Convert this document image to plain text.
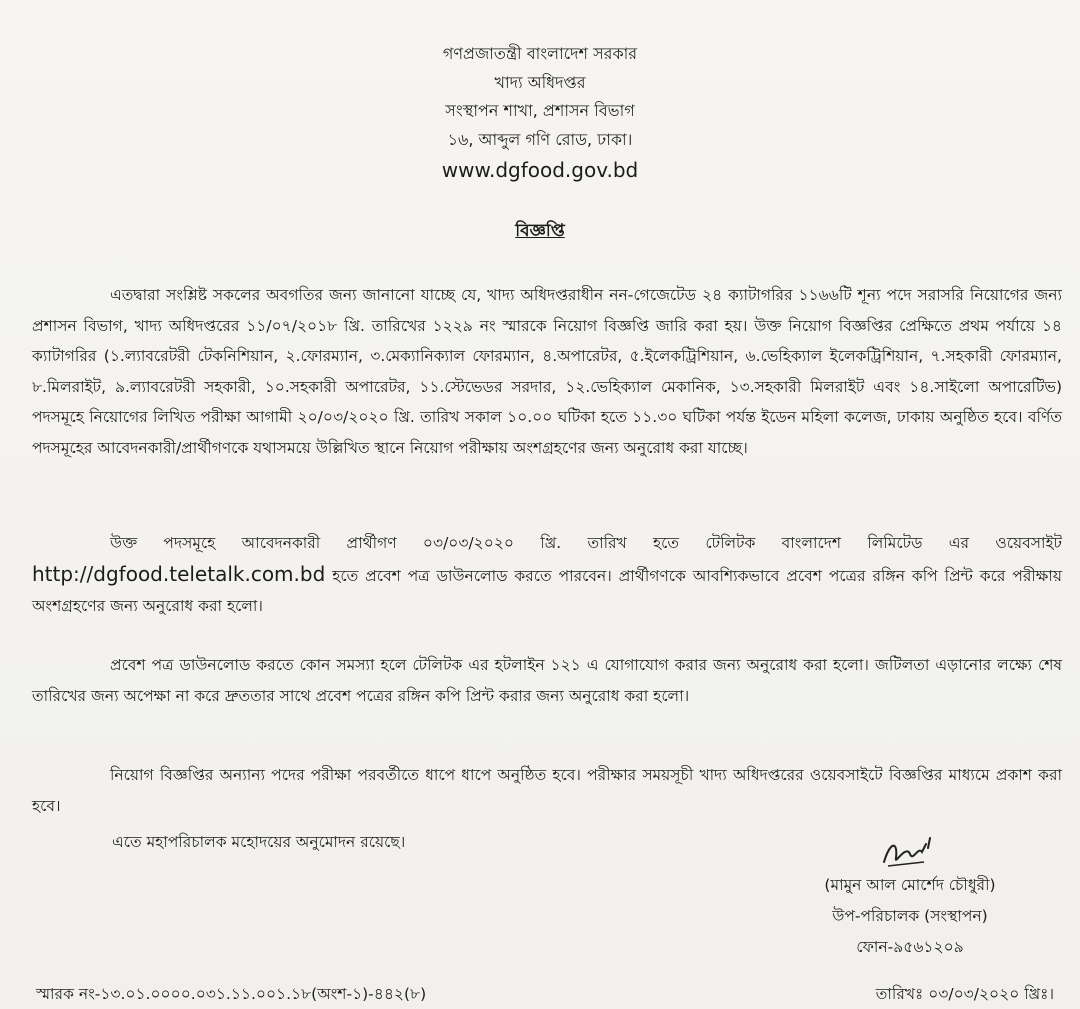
গণপ্রজাতন্ত্রী বাংলাদেশ সরকার
খাদ্য অধিদপ্তর
সংস্থাপন শাখা, প্রশাসন বিভাগ
১৬, আব্দুল গণি রোড, ঢাকা।
www.dgfood.gov.bd
বিজ্ঞপ্তি
এতদ্বারা সংশ্লিষ্ট সকলের অবগতির জন্য জানানো যাচ্ছে যে, খাদ্য অধিদপ্তরাধীন নন-গেজেটেড ২৪ ক্যাটাগরির ১১৬৬টি শূন্য পদে সরাসরি নিয়োগের জন্য প্রশাসন বিভাগ, খাদ্য অধিদপ্তরের ১১/০৭/২০১৮ খ্রি. তারিখের ১২২৯ নং স্মারকে নিয়োগ বিজ্ঞপ্তি জারি করা হয়। উক্ত নিয়োগ বিজ্ঞপ্তির প্রেক্ষিতে প্রথম পর্যায়ে ১৪ ক্যাটাগরির (১.ল্যাবরেটরী টেকনিশিয়ান, ২.ফোরম্যান, ৩.মেক্যানিক্যাল ফোরম্যান, ৪.অপারেটর, ৫.ইলেকট্রিশিয়ান, ৬.ভেহিক্যাল ইলেকট্রিশিয়ান, ৭.সহকারী ফোরম্যান, ৮.মিলরাইট, ৯.ল্যাবরেটরী সহকারী, ১০.সহকারী অপারেটর, ১১.স্টেভেডর সরদার, ১২.ভেহিক্যাল মেকানিক, ১৩.সহকারী মিলরাইট এবং ১৪.সাইলো অপারেটিভ) পদসমূহে নিয়োগের লিখিত পরীক্ষা আগামী ২০/০৩/২০২০ খ্রি. তারিখ সকাল ১০.০০ ঘটিকা হতে ১১.৩০ ঘটিকা পর্যন্ত ইডেন মহিলা কলেজ, ঢাকায় অনুষ্ঠিত হবে। বর্ণিত পদসমূহের আবেদনকারী/প্রার্থীগণকে যথাসময়ে উল্লিখিত স্থানে নিয়োগ পরীক্ষায় অংশগ্রহণের জন্য অনুরোধ করা যাচ্ছে।
উক্ত পদসমূহে আবেদনকারী প্রার্থীগণ ০৩/০৩/২০২০ খ্রি. তারিখ হতে টেলিটক বাংলাদেশ লিমিটেড এর ওয়েবসাইট http://dgfood.teletalk.com.bd হতে প্রবেশ পত্র ডাউনলোড করতে পারবেন। প্রার্থীগণকে আবশ্যিকভাবে প্রবেশ পত্রের রঙ্গিন কপি প্রিন্ট করে পরীক্ষায় অংশগ্রহণের জন্য অনুরোধ করা হলো।
প্রবেশ পত্র ডাউনলোড করতে কোন সমস্যা হলে টেলিটক এর হটলাইন ১২১ এ যোগাযোগ করার জন্য অনুরোধ করা হলো। জটিলতা এড়ানোর লক্ষ্যে শেষ তারিখের জন্য অপেক্ষা না করে দ্রুততার সাথে প্রবেশ পত্রের রঙ্গিন কপি প্রিন্ট করার জন্য অনুরোধ করা হলো।
নিয়োগ বিজ্ঞপ্তির অন্যান্য পদের পরীক্ষা পরবর্তীতে ধাপে ধাপে অনুষ্ঠিত হবে। পরীক্ষার সময়সূচী খাদ্য অধিদপ্তরের ওয়েবসাইটে বিজ্ঞপ্তির মাধ্যমে প্রকাশ করা হবে।
এতে মহাপরিচালক মহোদয়ের অনুমোদন রয়েছে।
(মামুন আল মোর্শেদ চৌধুরী)
উপ-পরিচালক (সংস্থাপন)
ফোন-৯৫৬১২০৯
স্মারক নং-১৩.০১.০০০০.০৩১.১১.০০১.১৮(অংশ-১)-৪৪২(৮)	তারিখঃ ০৩/০৩/২০২০ খ্রিঃ।
